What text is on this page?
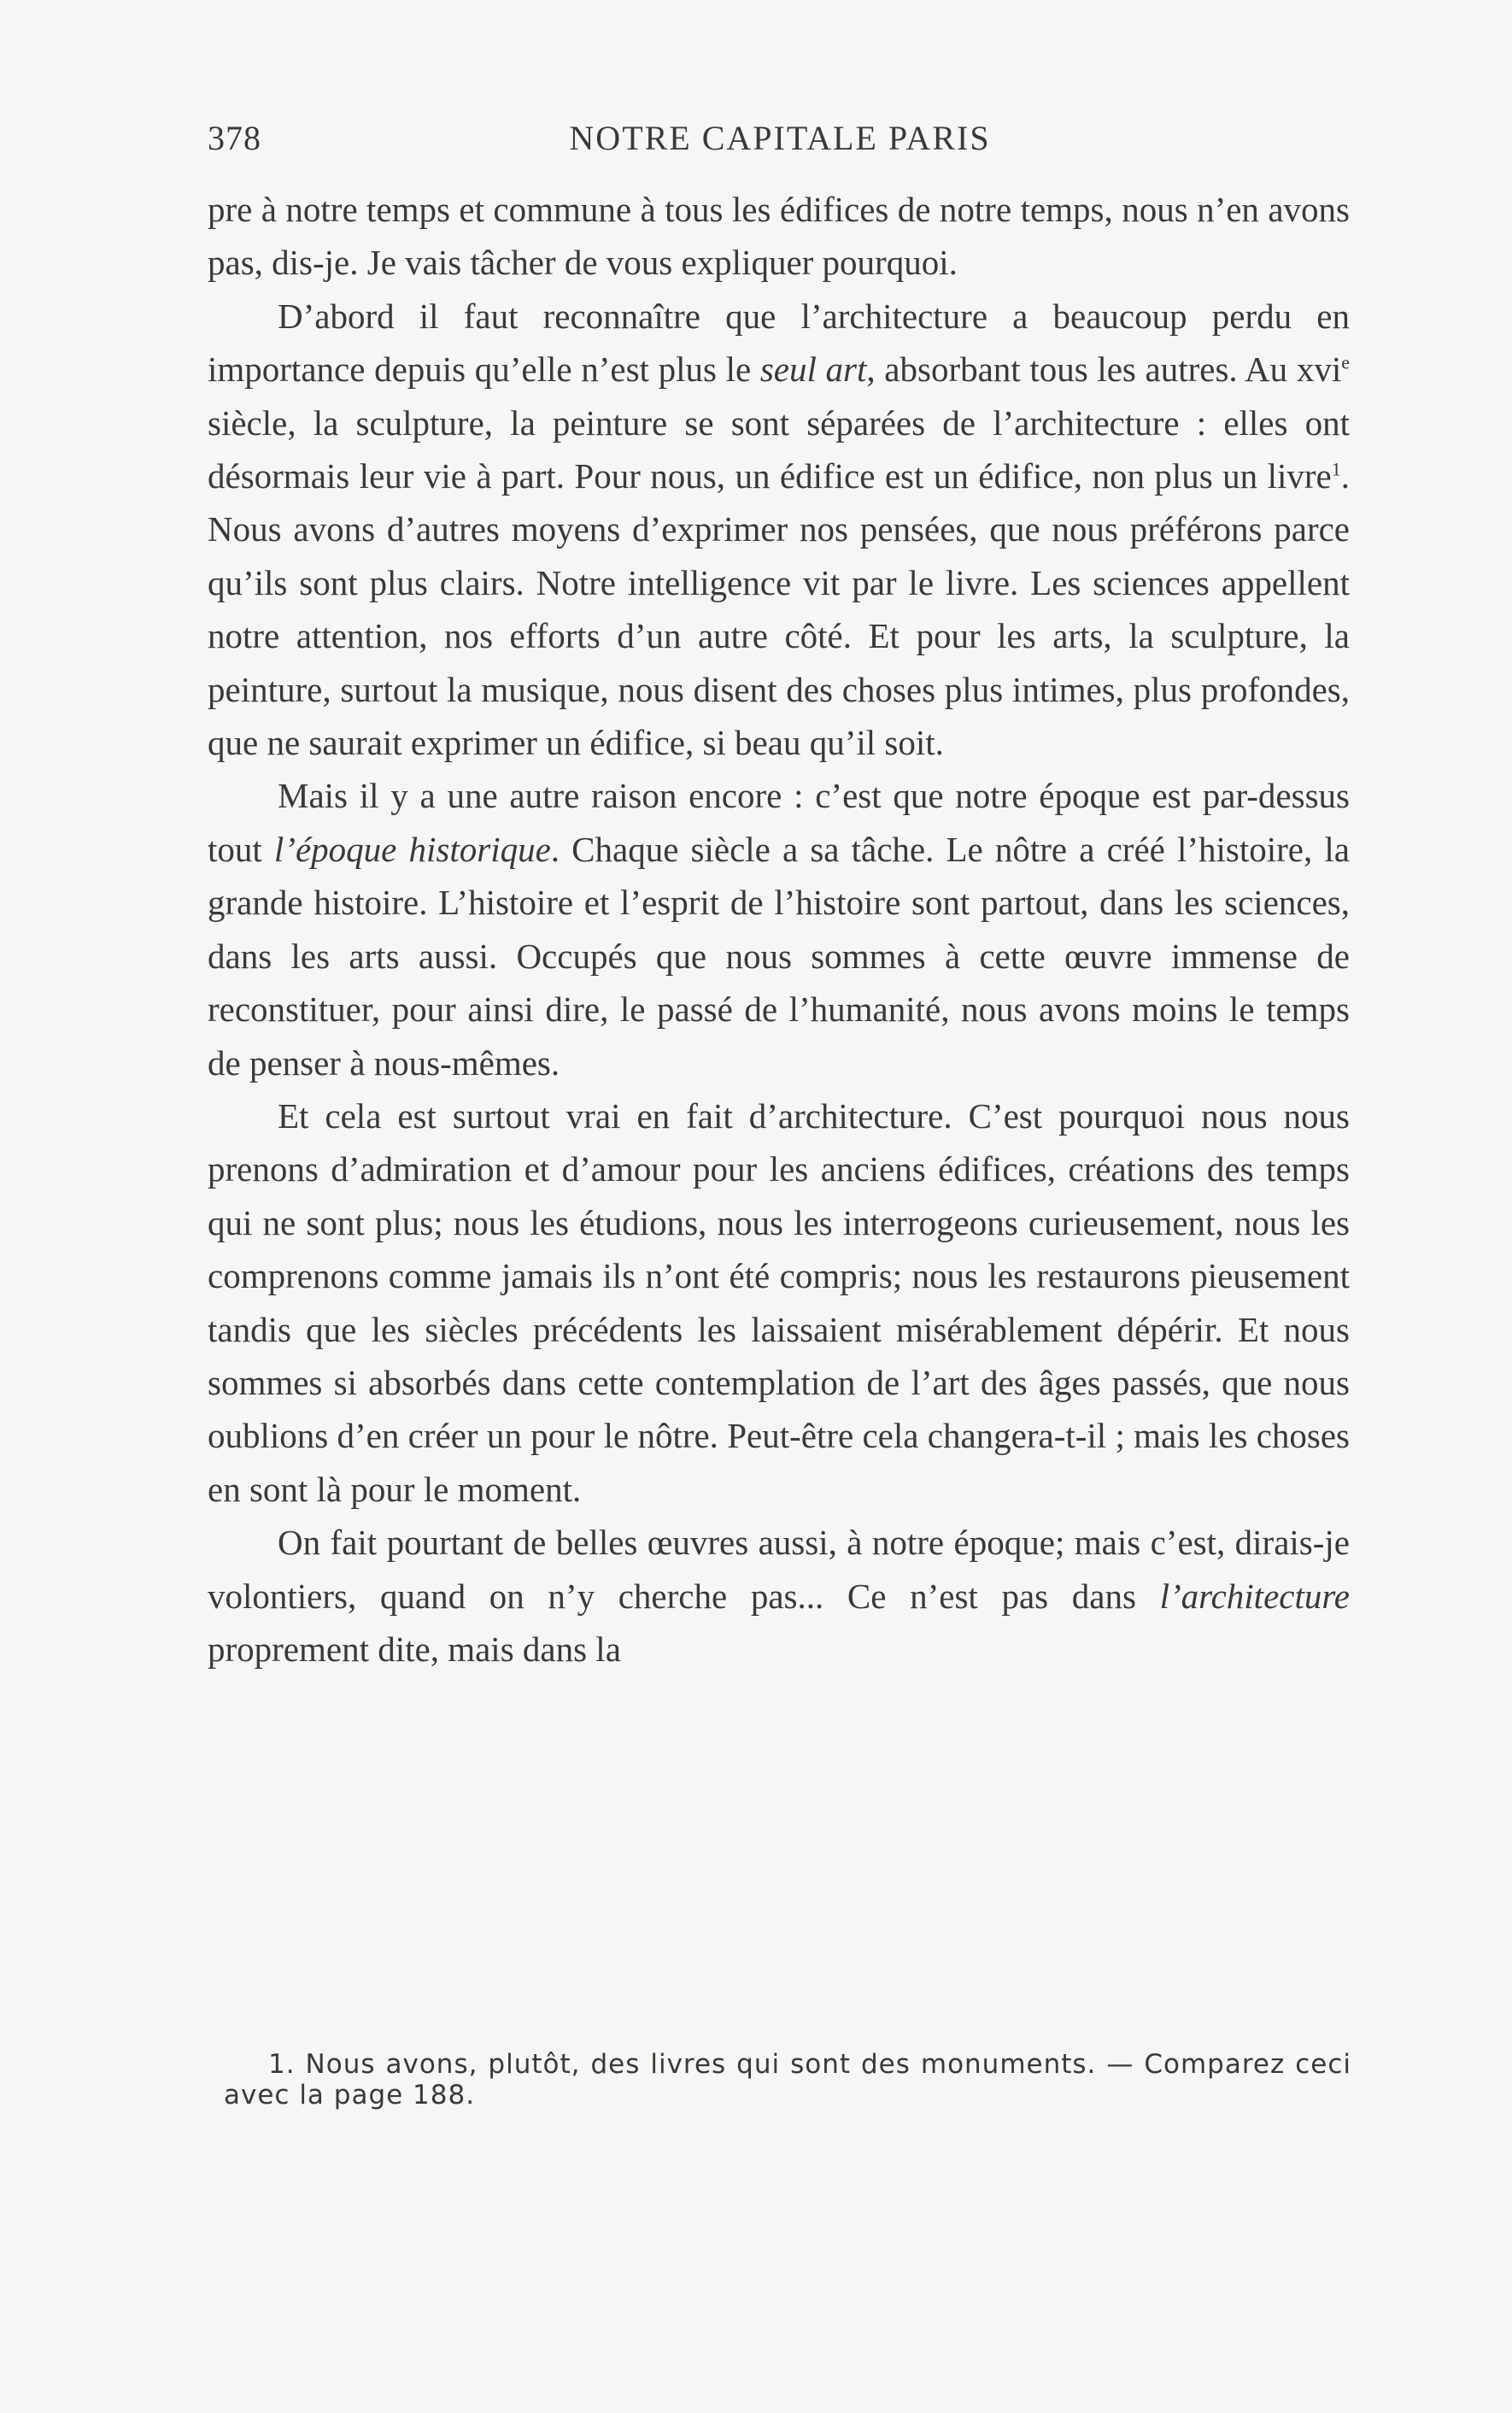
378	NOTRE CAPITALE PARIS

pre à notre temps et commune à tous les édifices de notre temps, nous n’en avons pas, dis-je. Je vais tâcher de vous expliquer pourquoi.

D’abord il faut reconnaître que l’architecture a beaucoup perdu en importance depuis qu’elle n’est plus le seul art, absorbant tous les autres. Au xvi$^e$ siècle, la sculpture, la peinture se sont séparées de l’architecture : elles ont désormais leur vie à part. Pour nous, un édifice est un édifice, non plus un livre$^1$. Nous avons d’autres moyens d’exprimer nos pensées, que nous préférons parce qu’ils sont plus clairs. Notre intelligence vit par le livre. Les sciences appellent notre attention, nos efforts d’un autre côté. Et pour les arts, la sculpture, la peinture, surtout la musique, nous disent des choses plus intimes, plus profondes, que ne saurait exprimer un édifice, si beau qu’il soit.

Mais il y a une autre raison encore : c’est que notre époque est par-dessus tout l’époque historique. Chaque siècle a sa tâche. Le nôtre a créé l’histoire, la grande histoire. L’histoire et l’esprit de l’histoire sont partout, dans les sciences, dans les arts aussi. Occupés que nous sommes à cette œuvre immense de reconstituer, pour ainsi dire, le passé de l’humanité, nous avons moins le temps de penser à nous-mêmes.

Et cela est surtout vrai en fait d’architecture. C’est pourquoi nous nous prenons d’admiration et d’amour pour les anciens édifices, créations des temps qui ne sont plus; nous les étudions, nous les interrogeons curieusement, nous les comprenons comme jamais ils n’ont été compris; nous les restaurons pieusement tandis que les siècles précédents les laissaient misérablement dépérir. Et nous sommes si absorbés dans cette contemplation de l’art des âges passés, que nous oublions d’en créer un pour le nôtre. Peut-être cela changera-t-il ; mais les choses en sont là pour le moment.

On fait pourtant de belles œuvres aussi, à notre époque; mais c’est, dirais-je volontiers, quand on n’y cherche pas... Ce n’est pas dans l’architecture proprement dite, mais dans la

1. Nous avons, plutôt, des livres qui sont des monuments. — Comparez ceci avec la page 188.
